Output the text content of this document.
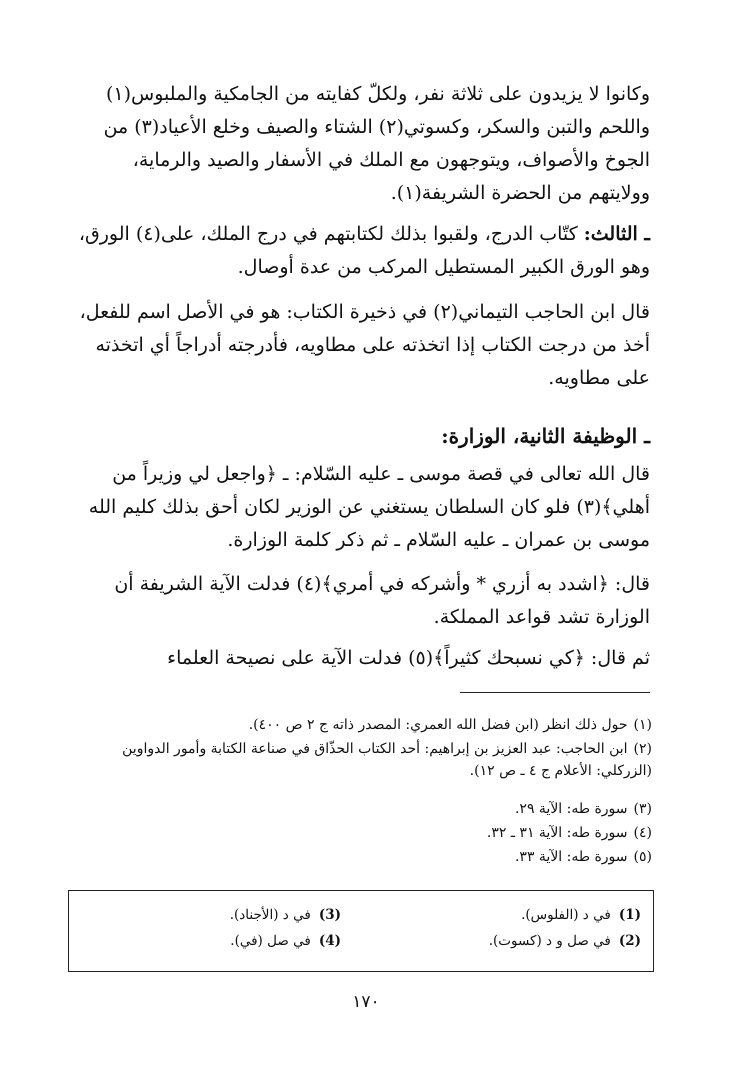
وكانوا لا يزيدون على ثلاثة نفر، ولكلّ كفايته من الجامكية والملبوس(١) واللحم والتبن والسكر، وكسوتي(٢) الشتاء والصيف وخلع الأعياد(٣) من الجوخ والأصواف، ويتوجهون مع الملك في الأسفار والصيد والرماية، وولايتهم من الحضرة الشريفة(١).
ـ الثالث: كتّاب الدرج، ولقبوا بذلك لكتابتهم في درج الملك، على(٤) الورق، وهو الورق الكبير المستطيل المركب من عدة أوصال.
قال ابن الحاجب التيماني(٢) في ذخيرة الكتاب: هو في الأصل اسم للفعل، أخذ من درجت الكتاب إذا اتخذته على مطاويه، فأدرجته أدراجاً أي اتخذته على مطاويه.
ـ الوظيفة الثانية، الوزارة:
قال الله تعالى في قصة موسى ـ عليه السّلام: ـ ﴿واجعل لي وزيراً من أهلي﴾(٣) فلو كان السلطان يستغني عن الوزير لكان أحق بذلك كليم الله موسى بن عمران ـ عليه السّلام ـ ثم ذكر كلمة الوزارة.
قال: ﴿اشدد به أزري * وأشركه في أمري﴾(٤) فدلت الآية الشريفة أن الوزارة تشد قواعد المملكة.
ثم قال: ﴿كي نسبحك كثيراً﴾(٥) فدلت الآية على نصيحة العلماء
(١)حول ذلك انظر (ابن فضل الله العمري: المصدر ذاته ج ٢ ص ٤٠٠).
(٢)ابن الحاجب: عبد العزيز بن إبراهيم: أحد الكتاب الحذّاق في صناعة الكتابة وأمور الدواوين (الزركلي: الأعلام ج ٤ ـ ص ١٢).
(٣)سورة طه: الآية ٢٩.
(٤)سورة طه: الآية ٣١ ـ ٣٢.
(٥)سورة طه: الآية ٣٣.
(1)في د (الفلوس).
(2)في صل و د (كسوت).
(3)في د (الأجناد).
(4)في صل (في).
١٧٠
